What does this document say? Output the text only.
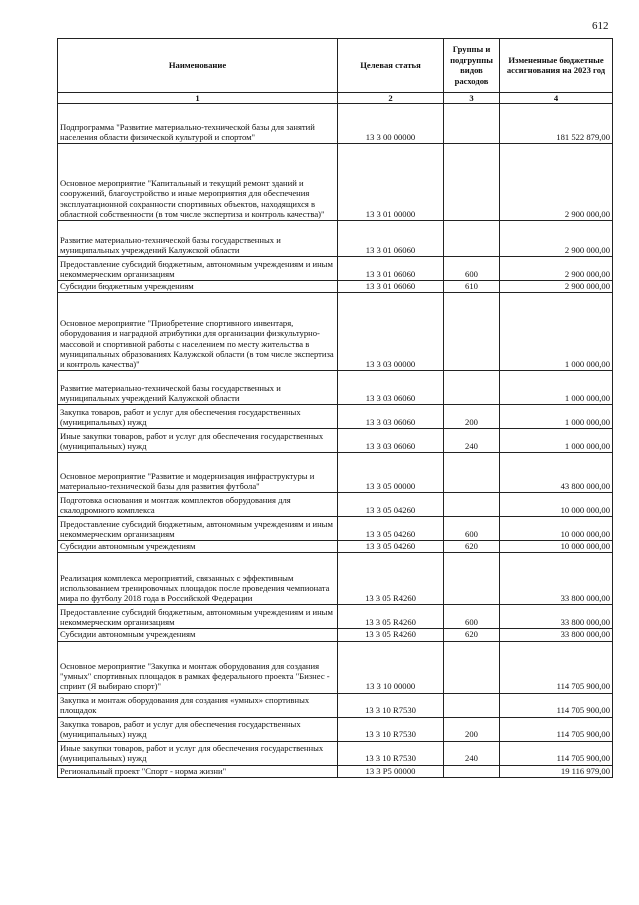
612
Наименование	Целевая статья	Группы и подгруппы видов расходов	Измененные бюджетные ассигнования на 2023 год
1	2	3	4
Подпрограмма "Развитие материально-технической базы для занятий населения области физической культурой и спортом"	13 3 00 00000		181 522 879,00
Основное мероприятие "Капитальный и текущий ремонт зданий и сооружений, благоустройство и иные мероприятия для обеспечения эксплуатационной сохранности спортивных объектов, находящихся в областной собственности (в том числе экспертиза и контроль качества)"	13 3 01 00000		2 900 000,00
Развитие материально-технической базы государственных и муниципальных учреждений Калужской области	13 3 01 06060		2 900 000,00
Предоставление субсидий бюджетным, автономным учреждениям и иным некоммерческим организациям	13 3 01 06060	600	2 900 000,00
Субсидии бюджетным учреждениям	13 3 01 06060	610	2 900 000,00
Основное мероприятие "Приобретение спортивного инвентаря, оборудования и наградной атрибутики для организации физкультурно-массовой и спортивной работы с населением по месту жительства в муниципальных образованиях Калужской области (в том числе экспертиза и контроль качества)"	13 3 03 00000		1 000 000,00
Развитие материально-технической базы государственных и муниципальных учреждений Калужской области	13 3 03 06060		1 000 000,00
Закупка товаров, работ и услуг для обеспечения государственных (муниципальных) нужд	13 3 03 06060	200	1 000 000,00
Иные закупки товаров, работ и услуг для обеспечения государственных (муниципальных) нужд	13 3 03 06060	240	1 000 000,00
Основное мероприятие "Развитие и модернизация инфраструктуры и материально-технической базы для развития футбола"	13 3 05 00000		43 800 000,00
Подготовка основания и монтаж комплектов оборудования для скалодромного комплекса	13 3 05 04260		10 000 000,00
Предоставление субсидий бюджетным, автономным учреждениям и иным некоммерческим организациям	13 3 05 04260	600	10 000 000,00
Субсидии автономным учреждениям	13 3 05 04260	620	10 000 000,00
Реализация комплекса мероприятий, связанных с эффективным использованием тренировочных площадок после проведения чемпионата мира по футболу 2018 года в Российской Федерации	13 3 05 R4260		33 800 000,00
Предоставление субсидий бюджетным, автономным учреждениям и иным некоммерческим организациям	13 3 05 R4260	600	33 800 000,00
Субсидии автономным учреждениям	13 3 05 R4260	620	33 800 000,00
Основное мероприятие "Закупка и монтаж оборудования для создания "умных" спортивных площадок в рамках федерального проекта "Бизнес - спринт (Я выбираю спорт)"	13 3 10 00000		114 705 900,00
Закупка и монтаж оборудования для создания «умных» спортивных площадок	13 3 10 R7530		114 705 900,00
Закупка товаров, работ и услуг для обеспечения государственных (муниципальных) нужд	13 3 10 R7530	200	114 705 900,00
Иные закупки товаров, работ и услуг для обеспечения государственных (муниципальных) нужд	13 3 10 R7530	240	114 705 900,00
Региональный проект "Спорт - норма жизни"	13 3 P5 00000		19 116 979,00
